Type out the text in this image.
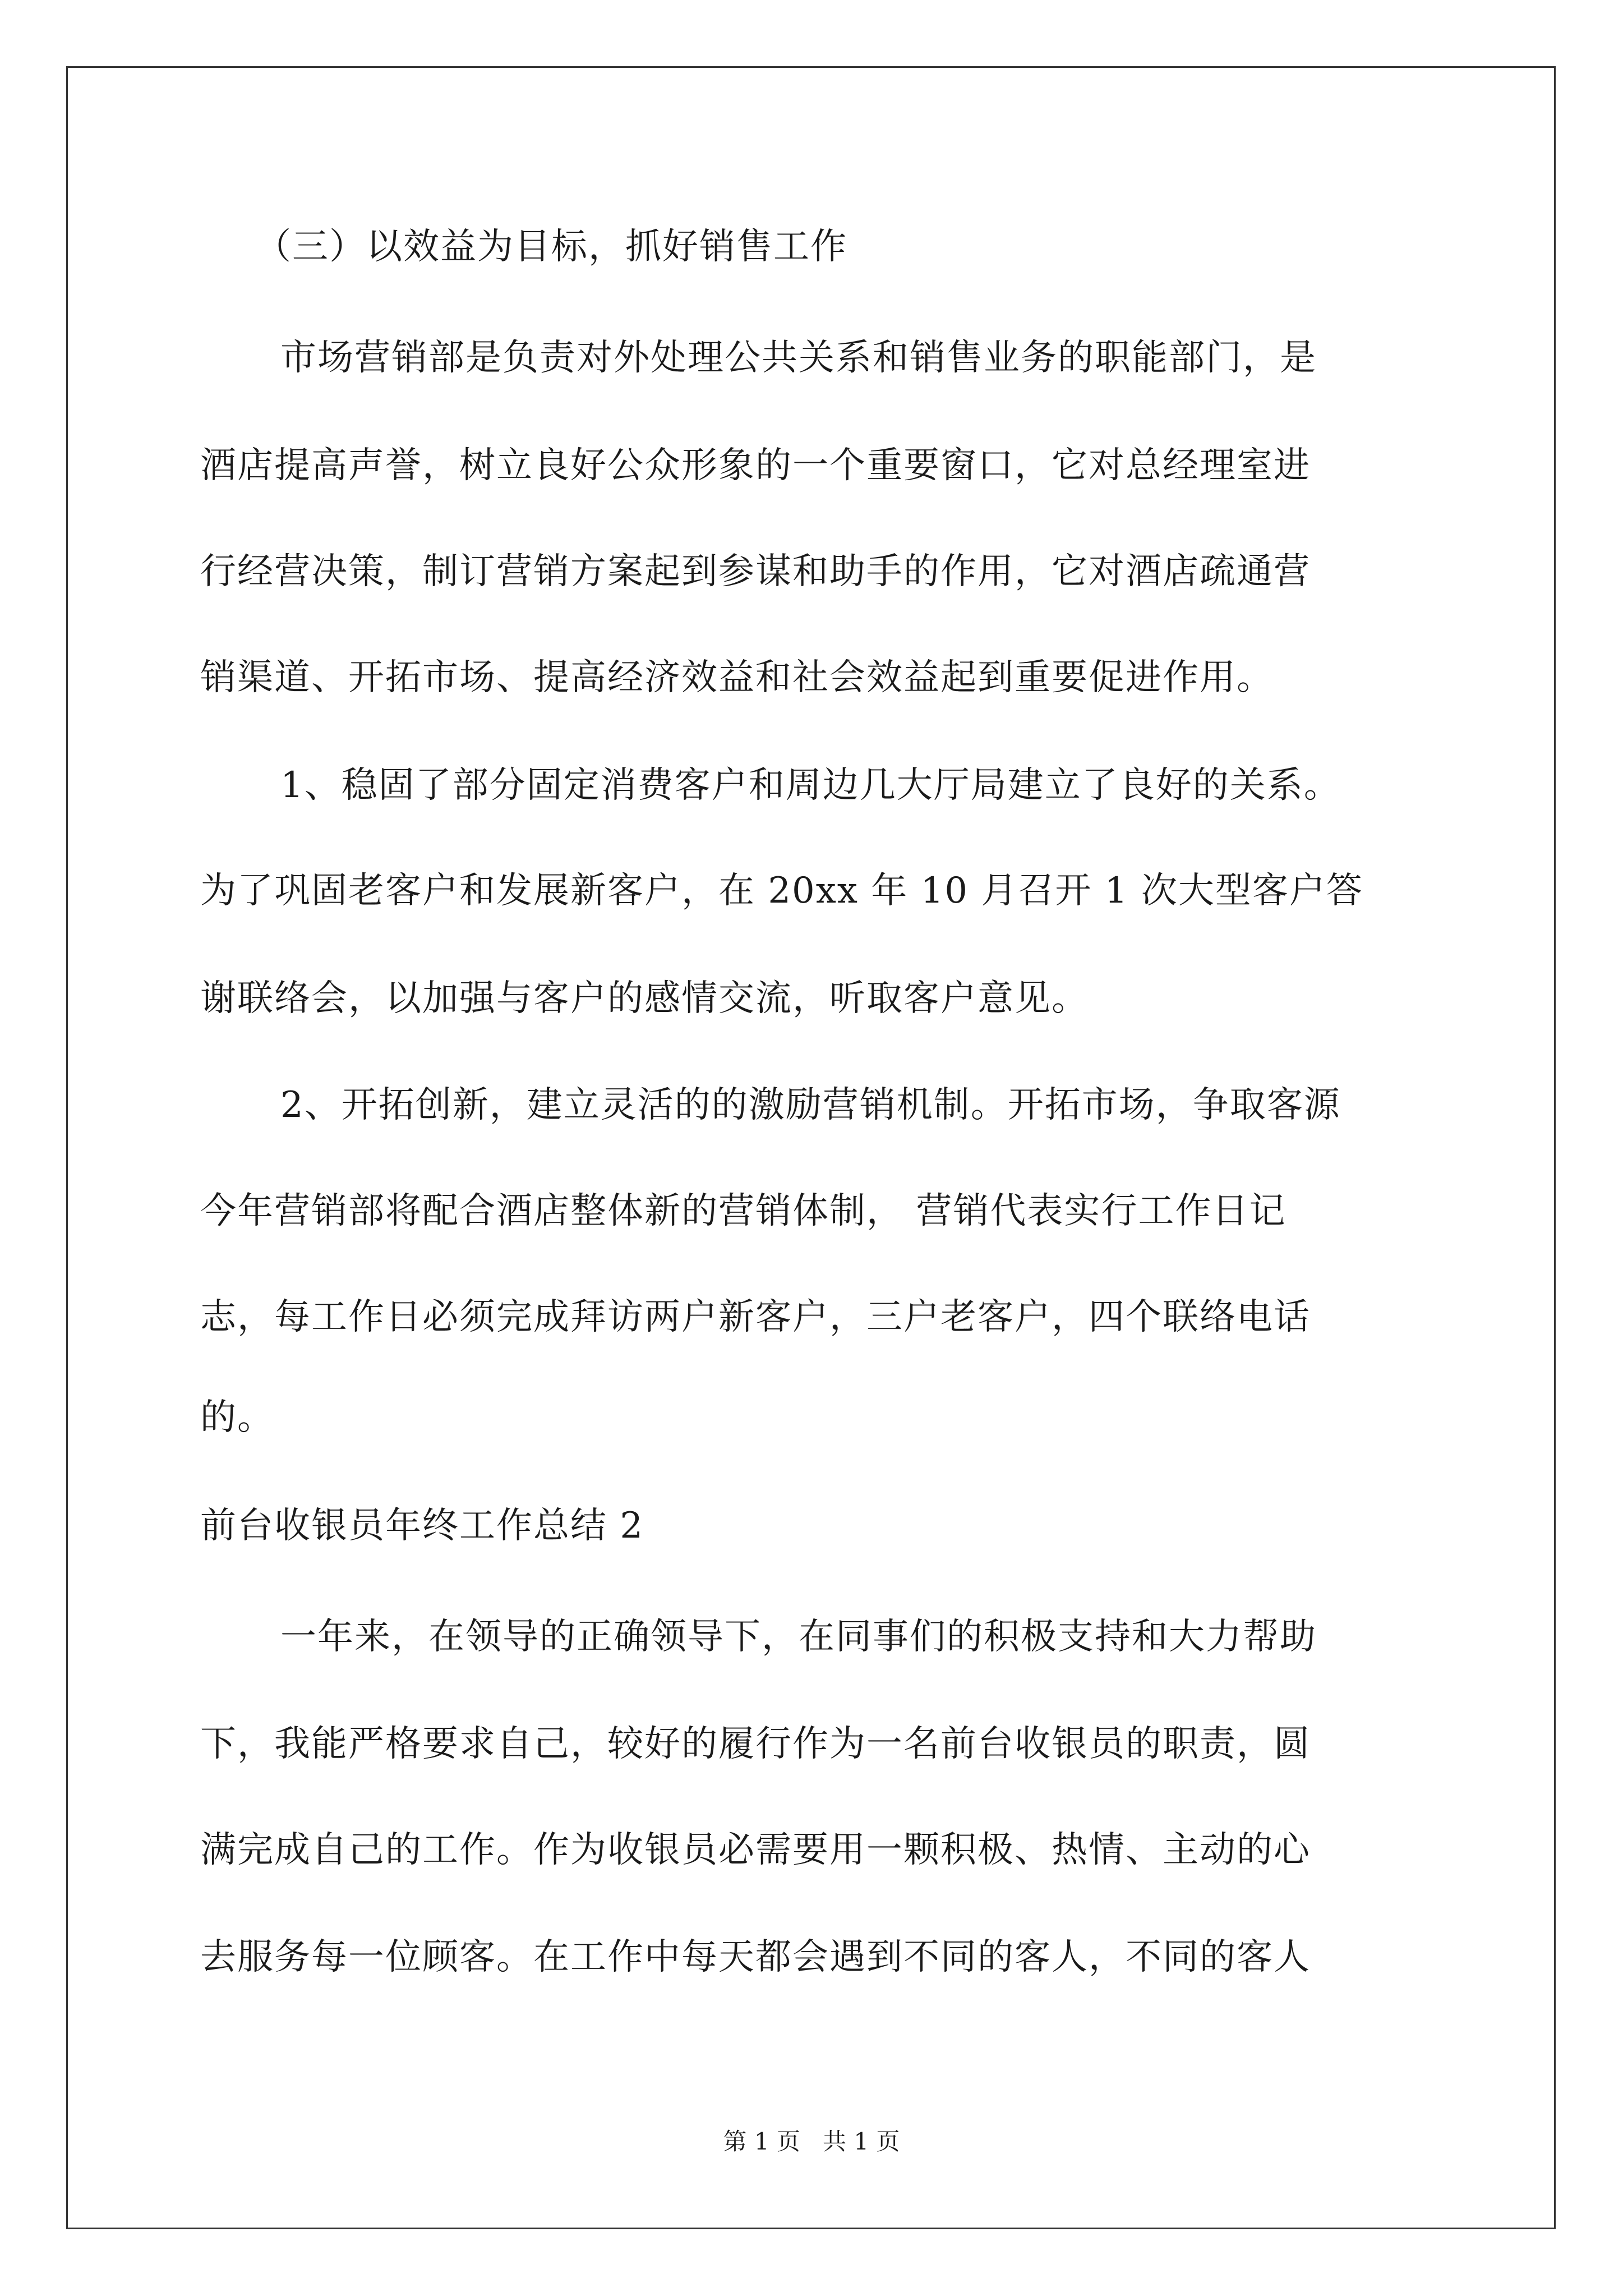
（三）以效益为目标，抓好销售工作
市场营销部是负责对外处理公共关系和销售业务的职能部门，是
酒店提高声誉，树立良好公众形象的一个重要窗口，它对总经理室进
行经营决策，制订营销方案起到参谋和助手的作用，它对酒店疏通营
销渠道、开拓市场、提高经济效益和社会效益起到重要促进作用。
1、稳固了部分固定消费客户和周边几大厅局建立了良好的关系。
为了巩固老客户和发展新客户，在 20xx 年 10 月召开 1 次大型客户答
谢联络会，以加强与客户的感情交流，听取客户意见。
2、开拓创新，建立灵活的的激励营销机制。开拓市场，争取客源
今年营销部将配合酒店整体新的营销体制， 营销代表实行工作日记
志，每工作日必须完成拜访两户新客户，三户老客户，四个联络电话
的。
前台收银员年终工作总结 2
一年来，在领导的正确领导下，在同事们的积极支持和大力帮助
下，我能严格要求自己，较好的履行作为一名前台收银员的职责，圆
满完成自己的工作。作为收银员必需要用一颗积极、热情、主动的心
去服务每一位顾客。在工作中每天都会遇到不同的客人，不同的客人
第 1 页   共 1 页
